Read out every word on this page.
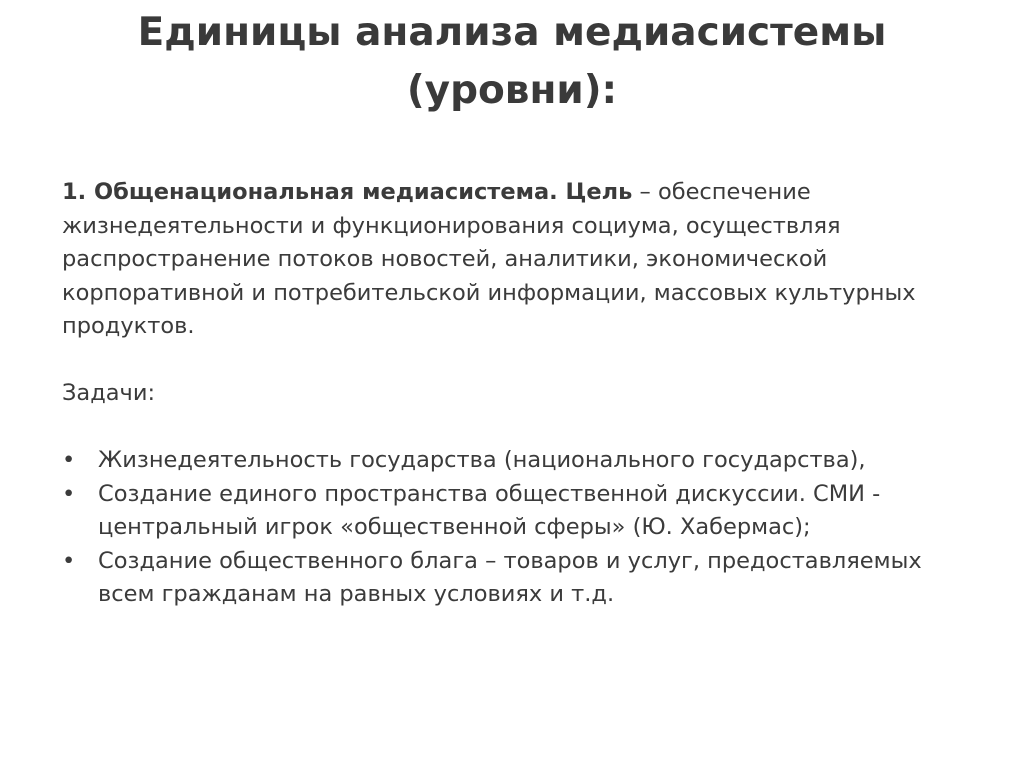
Единицы анализа медиасистемы
(уровни):

1. Общенациональная медиасистема. Цель – обеспечение жизнедеятельности и функционирования социума, осуществляя распространение потоков новостей, аналитики, экономической корпоративной и потребительской информации, массовых культурных продуктов.

Задачи:

• Жизнедеятельность государства (национального государства),
• Создание единого пространства общественной дискуссии. СМИ - центральный игрок «общественной сферы» (Ю. Хабермас);
• Создание общественного блага – товаров и услуг, предоставляемых всем гражданам на равных условиях и т.д.
